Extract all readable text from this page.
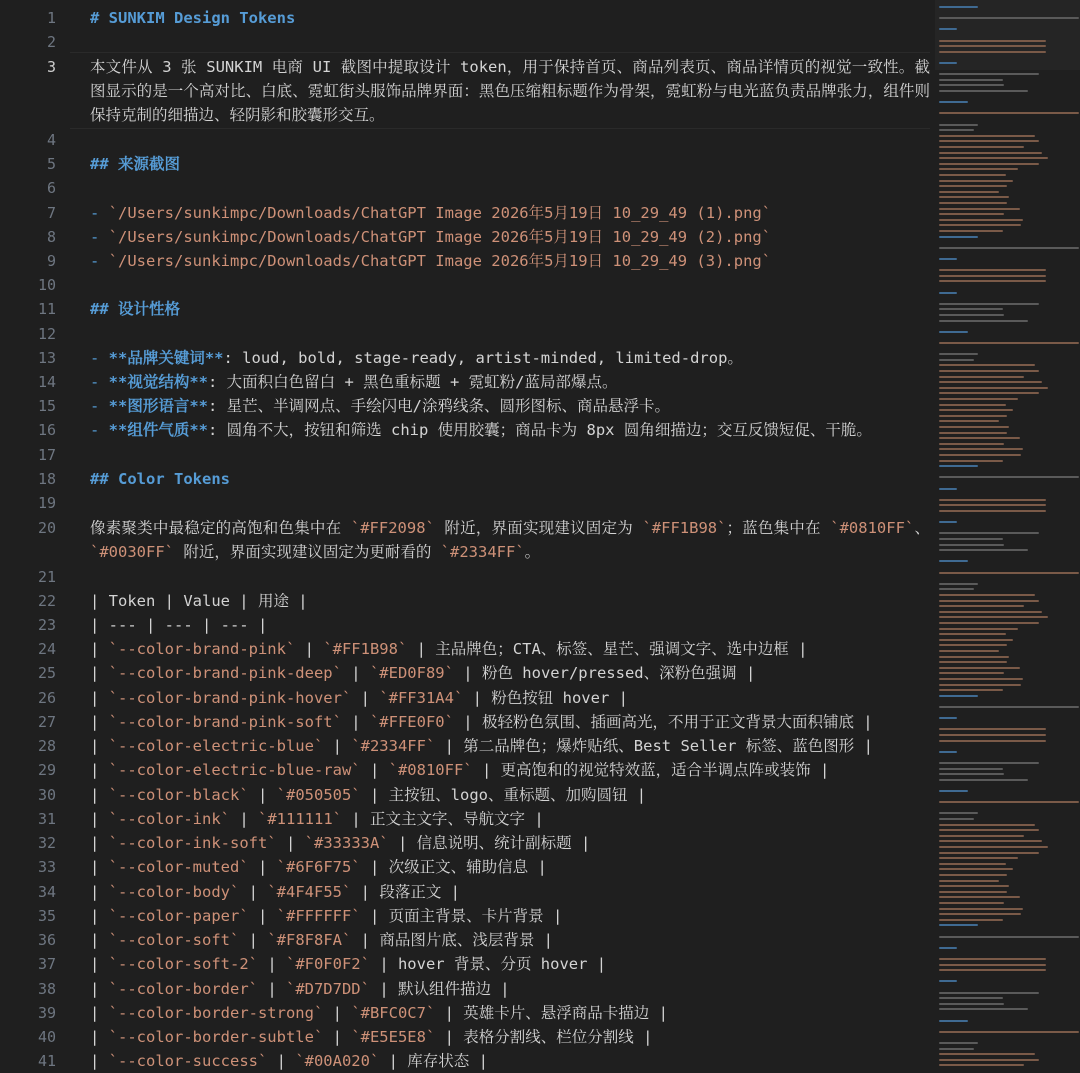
1
2
3
4
5
6
7
8
9
10
11
12
13
14
15
16
17
18
19
20
21
22
23
24
25
26
27
28
29
30
31
32
33
34
35
36
37
38
39
40
41
# SUNKIM Design Tokens
本文件从 3 张 SUNKIM 电商 UI 截图中提取设计 token，用于保持首页、商品列表页、商品详情页的视觉一致性。截图显示的是一个高对比、白底、霓虹街头服饰品牌界面：黑色压缩粗标题作为骨架，霓虹粉与电光蓝负责品牌张力，组件则保持克制的细描边、轻阴影和胶囊形交互。
## 来源截图
- `/Users/sunkimpc/Downloads/ChatGPT Image 2026年5月19日 10_29_49 (1).png`
- `/Users/sunkimpc/Downloads/ChatGPT Image 2026年5月19日 10_29_49 (2).png`
- `/Users/sunkimpc/Downloads/ChatGPT Image 2026年5月19日 10_29_49 (3).png`
## 设计性格
- **品牌关键词**: loud, bold, stage-ready, artist-minded, limited-drop。
- **视觉结构**: 大面积白色留白 + 黑色重标题 + 霓虹粉/蓝局部爆点。
- **图形语言**: 星芒、半调网点、手绘闪电/涂鸦线条、圆形图标、商品悬浮卡。
- **组件气质**: 圆角不大，按钮和筛选 chip 使用胶囊；商品卡为 8px 圆角细描边；交互反馈短促、干脆。
## Color Tokens
像素聚类中最稳定的高饱和色集中在 `#FF2098` 附近，界面实现建议固定为 `#FF1B98`；蓝色集中在 `#0810FF`、`#0030FF` 附近，界面实现建议固定为更耐看的 `#2334FF`。
| Token | Value | 用途 |
| --- | --- | --- |
| `--color-brand-pink` | `#FF1B98` | 主品牌色；CTA、标签、星芒、强调文字、选中边框 |
| `--color-brand-pink-deep` | `#ED0F89` | 粉色 hover/pressed、深粉色强调 |
| `--color-brand-pink-hover` | `#FF31A4` | 粉色按钮 hover |
| `--color-brand-pink-soft` | `#FFE0F0` | 极轻粉色氛围、插画高光，不用于正文背景大面积铺底 |
| `--color-electric-blue` | `#2334FF` | 第二品牌色；爆炸贴纸、Best Seller 标签、蓝色图形 |
| `--color-electric-blue-raw` | `#0810FF` | 更高饱和的视觉特效蓝，适合半调点阵或装饰 |
| `--color-black` | `#050505` | 主按钮、logo、重标题、加购圆钮 |
| `--color-ink` | `#111111` | 正文主文字、导航文字 |
| `--color-ink-soft` | `#33333A` | 信息说明、统计副标题 |
| `--color-muted` | `#6F6F75` | 次级正文、辅助信息 |
| `--color-body` | `#4F4F55` | 段落正文 |
| `--color-paper` | `#FFFFFF` | 页面主背景、卡片背景 |
| `--color-soft` | `#F8F8FA` | 商品图片底、浅层背景 |
| `--color-soft-2` | `#F0F0F2` | hover 背景、分页 hover |
| `--color-border` | `#D7D7DD` | 默认组件描边 |
| `--color-border-strong` | `#BFC0C7` | 英雄卡片、悬浮商品卡描边 |
| `--color-border-subtle` | `#E5E5E8` | 表格分割线、栏位分割线 |
| `--color-success` | `#00A020` | 库存状态 |
